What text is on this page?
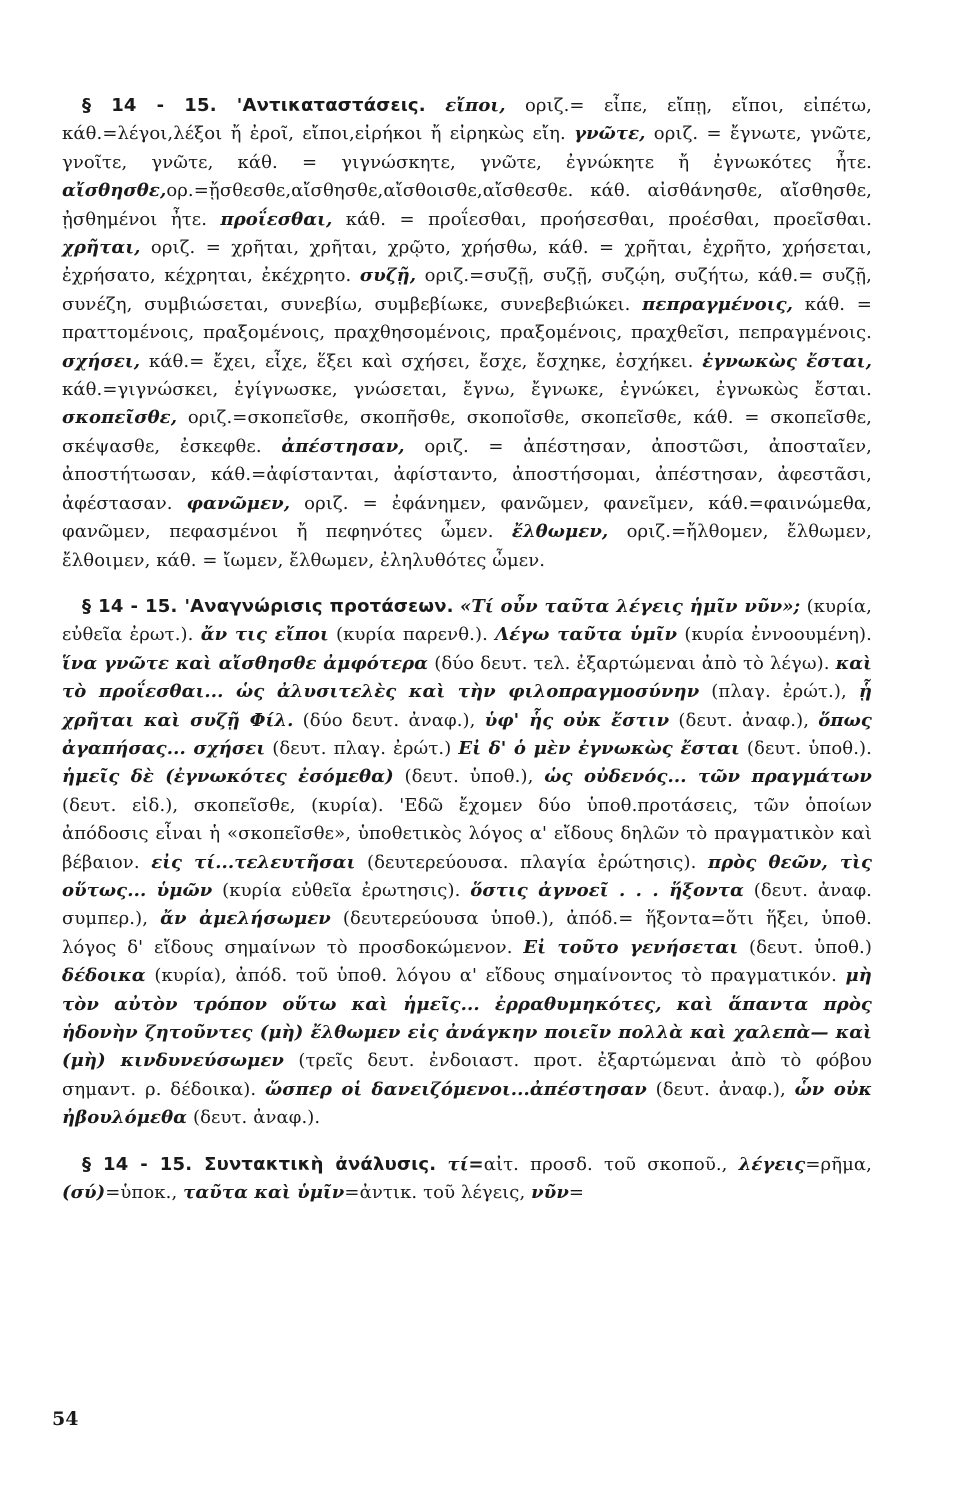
§ 14 - 15. 'Αντικαταστάσεις. εἴποι, οριζ.= εἶπε, εἴπῃ, εἴποι, εἰπέτω, κάθ.=λέγοι,λέξοι ἤ ἐροῖ, εἴποι,εἰρήκοι ἤ εἰρηκὼς εἴη. γνῶτε, οριζ. = ἔγνωτε, γνῶτε, γνοῖτε, γνῶτε, κάθ. = γιγνώσκητε, γνῶτε, ἐγνώκητε ἤ ἐγνωκότες ἦτε. αἴσθησθε,ορ.=ᾔσθεσθε,αἴσθησθε,αἴσθοισθε,αἴσθεσθε. κάθ. αἰσθάνησθε, αἴσθησθε, ᾐσθημένοι ἦτε. προΐεσθαι, κάθ. = προΐεσθαι, προήσεσθαι, προέσθαι, προεῖσθαι. χρῆται, οριζ. = χρῆται, χρῆται, χρῷτο, χρήσθω, κάθ. = χρῆται, ἐχρῆτο, χρήσεται, ἐχρήσατο, κέχρηται, ἐκέχρητο. συζῇ, οριζ.=συζῇ, συζῇ, συζῴη, συζήτω, κάθ.= συζῇ, συνέζη, συμβιώσεται, συνεβίω, συμβεβίωκε, συνεβεβιώκει. πεπραγμένοις, κάθ. = πραττομένοις, πραξομένοις, πραχθησομένοις, πραξομένοις, πραχθεῖσι, πεπραγμένοις. σχήσει, κάθ.= ἔχει, εἶχε, ἕξει καὶ σχήσει, ἔσχε, ἔσχηκε, ἐσχήκει. ἐγνωκὼς ἔσται, κάθ.=γιγνώσκει, ἐγίγνωσκε, γνώσεται, ἔγνω, ἔγνωκε, ἐγνώκει, ἐγνωκὼς ἔσται. σκοπεῖσθε, οριζ.=σκοπεῖσθε, σκοπῆσθε, σκοποῖσθε, σκοπεῖσθε, κάθ. = σκοπεῖσθε, σκέψασθε, ἐσκεφθε. ἀπέστησαν, οριζ. = ἀπέστησαν, ἀποστῶσι, ἀποσταῖεν, ἀποστήτωσαν, κάθ.=ἀφίστανται, ἀφίσταντο, ἀποστήσομαι, ἀπέστησαν, ἀφεστᾶσι, ἀφέστασαν. φανῶμεν, οριζ. = ἐφάνημεν, φανῶμεν, φανεῖμεν, κάθ.=φαινώμεθα, φανῶμεν, πεφασμένοι ἤ πεφηνότες ὦμεν. ἔλθωμεν, οριζ.=ἤλθομεν, ἔλθωμεν, ἔλθοιμεν, κάθ. = ἴωμεν, ἔλθωμεν, ἐληλυθότες ὦμεν.

§ 14 - 15. 'Αναγνώρισις προτάσεων. «Τί οὖν ταῦτα λέγεις ἡμῖν νῦν»; (κυρία, εὐθεῖα ἐρωτ.). ἄν τις εἴποι (κυρία παρενθ.). Λέγω ταῦτα ὑμῖν (κυρία ἐννοουμένη). ἵνα γνῶτε καὶ αἴσθησθε ἀμφότερα (δύο δευτ. τελ. ἐξαρτώμεναι ἀπὸ τὸ λέγω). καὶ τὸ προΐεσθαι... ὡς ἀλυσιτελὲς καὶ τὴν φιλοπραγμοσύνην (πλαγ. ἐρώτ.), ᾗ χρῆται καὶ συζῇ Φίλ. (δύο δευτ. ἀναφ.), ὑφ' ἧς οὐκ ἔστιν (δευτ. ἀναφ.), ὅπως ἀγαπήσας... σχήσει (δευτ. πλαγ. ἐρώτ.) Εἰ δ' ὁ μὲν ἐγνωκὼς ἔσται (δευτ. ὑποθ.). ἡμεῖς δὲ (ἐγνωκότες ἐσόμεθα) (δευτ. ὑποθ.), ὡς οὐδενός... τῶν πραγμάτων (δευτ. εἰδ.), σκοπεῖσθε, (κυρία). 'Εδῶ ἔχομεν δύο ὑποθ.προτάσεις, τῶν ὁποίων ἀπόδοσις εἶναι ἡ «σκοπεῖσθε», ὑποθετικὸς λόγος α' εἴδους δηλῶν τὸ πραγματικὸν καὶ βέβαιον. εἰς τί...τελευτῆσαι (δευτερεύουσα. πλαγία ἐρώτησις). πρὸς θεῶν, τὶς οὕτως... ὑμῶν (κυρία εὐθεῖα ἐρωτησις). ὅστις ἀγνοεῖ . . . ἥξοντα (δευτ. ἀναφ. συμπερ.), ἄν ἀμελήσωμεν (δευτερεύουσα ὑποθ.), ἀπόδ.= ἥξοντα=ὅτι ἥξει, ὑποθ. λόγος δ' εἴδους σημαίνων τὸ προσδοκώμενον. Εἰ τοῦτο γενήσεται (δευτ. ὑποθ.) δέδοικα (κυρία), ἀπόδ. τοῦ ὑποθ. λόγου α' εἴδους σημαίνοντος τὸ πραγματικόν. μὴ τὸν αὐτὸν τρόπον οὕτω καὶ ἡμεῖς... ἐρραθυμηκότες, καὶ ἅπαντα πρὸς ἡδονὴν ζητοῦντες (μὴ) ἔλθωμεν εἰς ἀνάγκην ποιεῖν πολλὰ καὶ χαλεπὰ— καὶ (μὴ) κινδυνεύσωμεν (τρεῖς δευτ. ἐνδοιαστ. προτ. ἐξαρτώμεναι ἀπὸ τὸ φόβου σημαντ. ρ. δέδοικα). ὥσπερ οἱ δανειζόμενοι...ἀπέστησαν (δευτ. ἀναφ.), ὧν οὐκ ἠβουλόμεθα (δευτ. ἀναφ.).

§ 14 - 15. Συντακτικὴ ἀνάλυσις. τί=αἰτ. προσδ. τοῦ σκοποῦ., λέγεις=ρῆμα, (σύ)=ὑποκ., ταῦτα καὶ ὑμῖν=ἀντικ. τοῦ λέγεις, νῦν=

54
